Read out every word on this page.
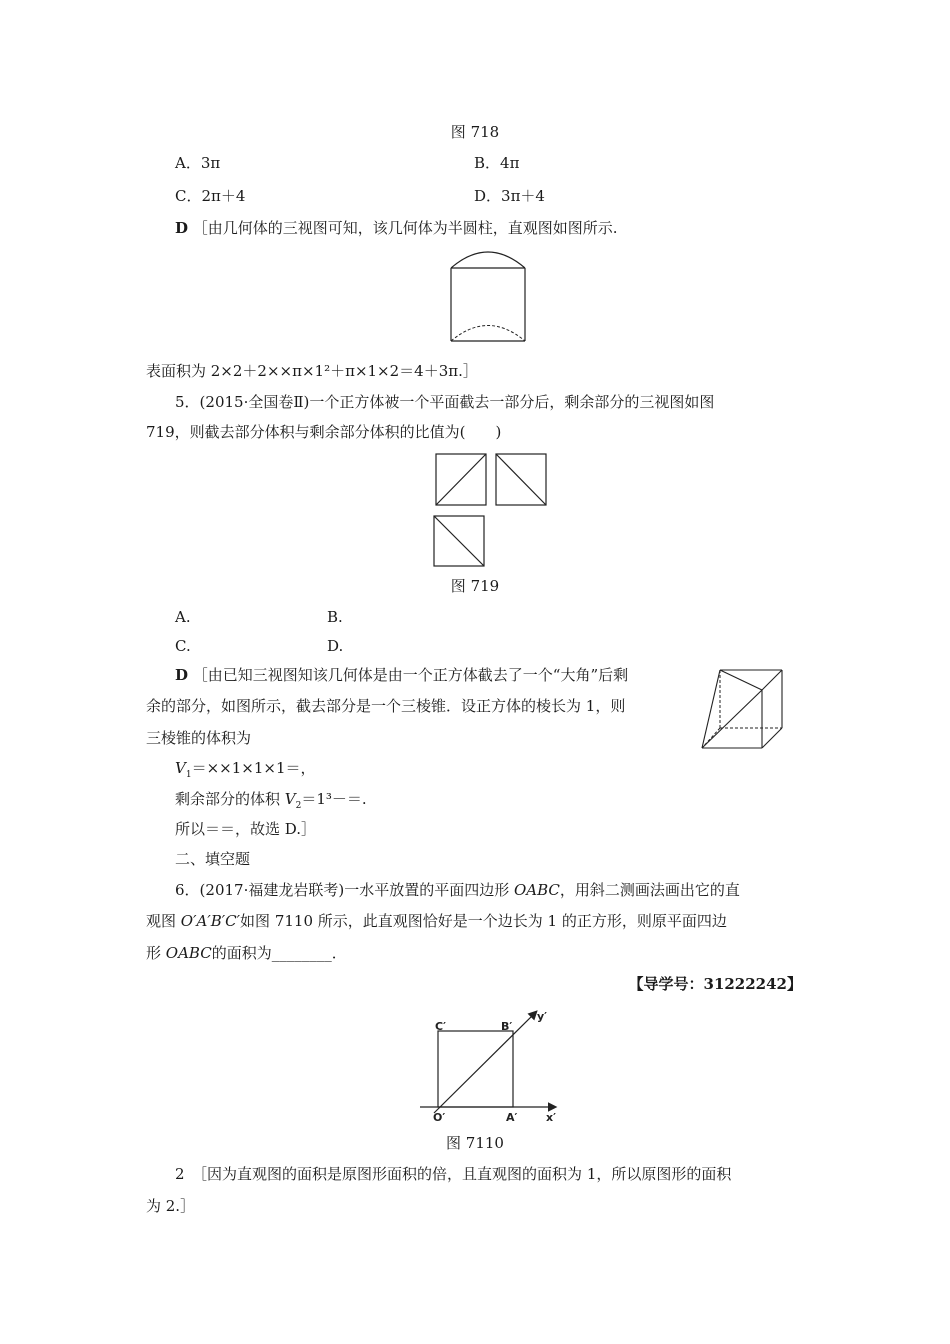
图 718
A．3π	B．4π
C．2π＋4	D．3π＋4
D ［由几何体的三视图可知，该几何体为半圆柱，直观图如图所示.
表面积为 2×2＋2××π×1²＋π×1×2＝4＋3π.］
5．(2015·全国卷Ⅱ)一个正方体被一个平面截去一部分后，剩余部分的三视图如图
719，则截去部分体积与剩余部分体积的比值为(　　)
图 719
A.	B.
C.	D.
D ［由已知三视图知该几何体是由一个正方体截去了一个“大角”后剩
余的部分，如图所示，截去部分是一个三棱锥．设正方体的棱长为 1，则
三棱锥的体积为
$V_1=\times\times 1\times 1\times 1=$，
剩余部分的体积 $V_2=1^3-=$.
所以＝＝，故选 D.］
二、填空题
6．(2017·福建龙岩联考)一水平放置的平面四边形 OABC，用斜二测画法画出它的直
观图 O′A′B′C′如图 7110 所示，此直观图恰好是一个边长为 1 的正方形，则原平面四边
形 OABC的面积为________．
【导学号：31222242】
C′	B′
y′
O′	A′	x′
图 7110
2　［因为直观图的面积是原图形面积的倍，且直观图的面积为 1，所以原图形的面积
为 2.］
